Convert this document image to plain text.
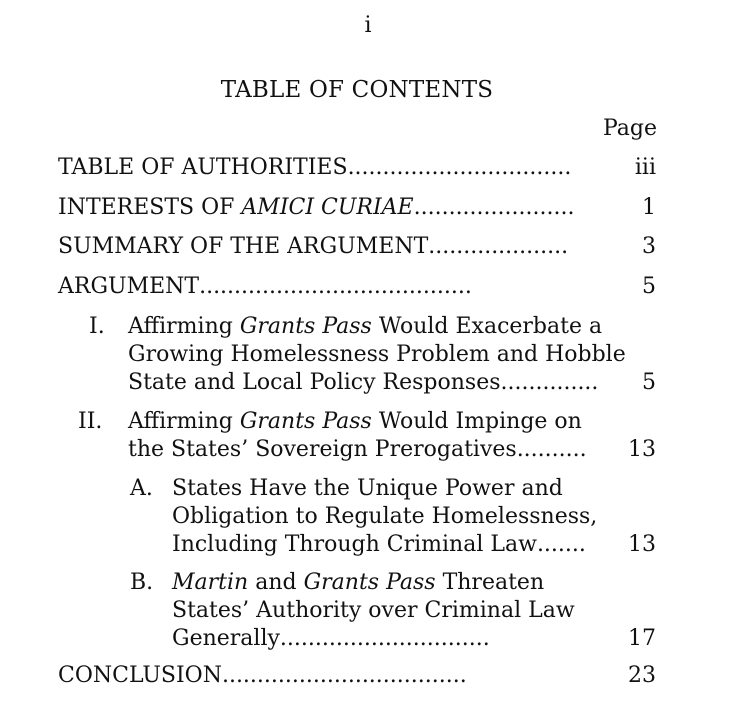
i
TABLE OF CONTENTS
Page
TABLE OF AUTHORITIES................................	iii
INTERESTS OF AMICI CURIAE.......................	1
SUMMARY OF THE ARGUMENT....................	3
ARGUMENT.......................................	5
I.	Affirming Grants Pass Would Exacerbate a
Growing Homelessness Problem and Hobble
State and Local Policy Responses.............. 5
II.	Affirming Grants Pass Would Impinge on
the States’ Sovereign Prerogatives.......... 13
A. States Have the Unique Power and
Obligation to Regulate Homelessness,
Including Through Criminal Law....... 13
B. Martin and Grants Pass Threaten
States’ Authority over Criminal Law
Generally..............................	17
CONCLUSION...................................	23
